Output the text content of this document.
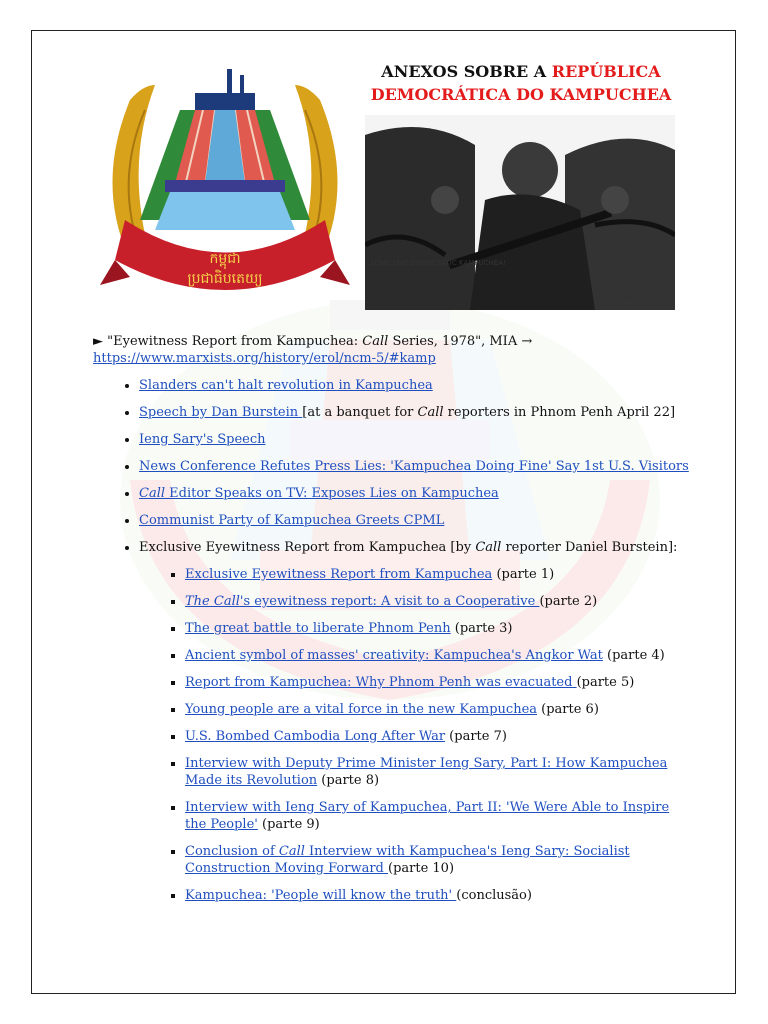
កម្ពុជា
ប្រជាធិបតេយ្យ
ANEXOS SOBRE A REPÚBLICA
DEMOCRÁTICA DO KAMPUCHEA
LONG LIVE DEMOCRATIC KAMPUCHEA!
GREENHAM - 79/CALL
► "Eyewitness Report from Kampuchea: Call Series, 1978", MIA →
https://www.marxists.org/history/erol/ncm-5/#kamp
• Slanders can't halt revolution in Kampuchea
• Speech by Dan Burstein [at a banquet for Call reporters in Phnom Penh April 22]
• Ieng Sary's Speech
• News Conference Refutes Press Lies: 'Kampuchea Doing Fine' Say 1st U.S. Visitors
• Call Editor Speaks on TV: Exposes Lies on Kampuchea
• Communist Party of Kampuchea Greets CPML
• Exclusive Eyewitness Report from Kampuchea [by Call reporter Daniel Burstein]:
▪ Exclusive Eyewitness Report from Kampuchea (parte 1)
▪ The Call's eyewitness report: A visit to a Cooperative (parte 2)
▪ The great battle to liberate Phnom Penh (parte 3)
▪ Ancient symbol of masses' creativity: Kampuchea's Angkor Wat (parte 4)
▪ Report from Kampuchea: Why Phnom Penh was evacuated (parte 5)
▪ Young people are a vital force in the new Kampuchea (parte 6)
▪ U.S. Bombed Cambodia Long After War (parte 7)
▪ Interview with Deputy Prime Minister Ieng Sary, Part I: How Kampuchea Made its Revolution (parte 8)
▪ Interview with Ieng Sary of Kampuchea, Part II: 'We Were Able to Inspire the People' (parte 9)
▪ Conclusion of Call Interview with Kampuchea's Ieng Sary: Socialist Construction Moving Forward (parte 10)
▪ Kampuchea: 'People will know the truth' (conclusão)
